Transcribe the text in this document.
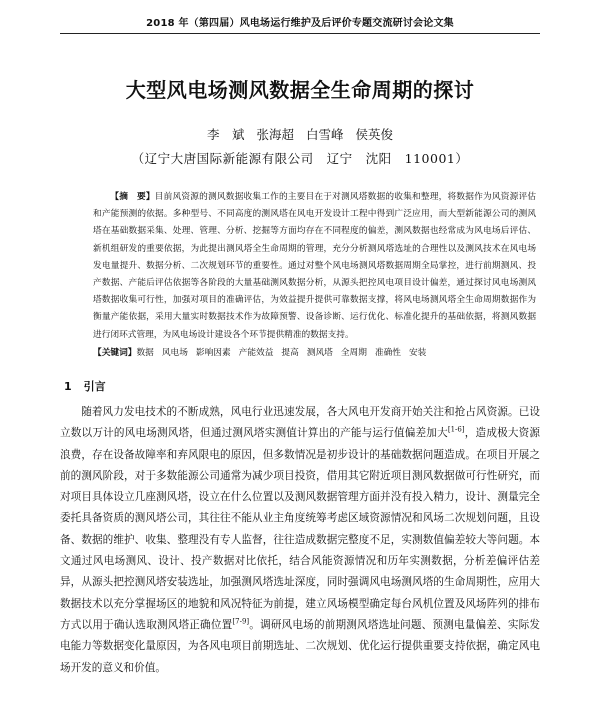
2018 年（第四届）风电场运行维护及后评价专题交流研讨会论文集
大型风电场测风数据全生命周期的探讨
李　斌 张海超 白雪峰 侯英俊
（辽宁大唐国际新能源有限公司　辽宁　沈阳　110001）

【摘　要】目前风资源的测风数据收集工作的主要目在于对测风塔数据的收集和整理，将数据作为风资源评估和产能预测的依据。多种型号、不同高度的测风塔在风电开发设计工程中得到广泛应用，而大型新能源公司的测风塔在基础数据采集、处理、管理、分析、挖掘等方面均存在不同程度的偏差，测风数据也经常成为风电场后评估、新机组研发的重要依据，为此提出测风塔全生命周期的管理，充分分析测风塔选址的合理性以及测风技术在风电场发电量提升、数据分析、二次规划环节的重要性。通过对整个风电场测风塔数据周期全局掌控，进行前期测风、投产数据、产能后评估依据等各阶段的大量基础测风数据分析，从源头把控风电项目设计偏差，通过探讨风电场测风塔数据收集可行性，加强对项目的准确评估，为效益提升提供可靠数据支撑，将风电场测风塔全生命周期数据作为衡量产能依据，采用大量实时数据技术作为故障预警、设备诊断、运行优化、标准化提升的基础依据，将测风数据进行闭环式管理，为风电场设计建设各个环节提供精准的数据支持。

【关键词】数据 风电场 影响因素 产能效益 提高 测风塔 全周期 准确性 安装

1 引言

随着风力发电技术的不断成熟，风电行业迅速发展，各大风电开发商开始关注和抢占风资源。已设立数以万计的风电场测风塔，但通过测风塔实测值计算出的产能与运行值偏差加大[1-6]，造成极大资源浪费，存在设备故障率和弃风限电的原因，但多数情况是初步设计的基础数据问题造成。在项目开展之前的测风阶段，对于多数能源公司通常为减少项目投资，借用其它附近项目测风数据做可行性研究，而对项目具体设立几座测风塔，设立在什么位置以及测风数据管理方面并没有投入精力，设计、测量完全委托具备资质的测风塔公司，其往往不能从业主角度统筹考虑区域资源情况和风场二次规划问题，且设备、数据的维护、收集、整理没有专人监督，往往造成数据完整度不足，实测数值偏差较大等问题。本文通过风电场测风、设计、投产数据对比依托，结合风能资源情况和历年实测数据，分析差偏评估差异，从源头把控测风塔安装选址，加强测风塔选址深度，同时强调风电场测风塔的生命周期性，应用大数据技术以充分掌握场区的地貌和风况特征为前提，建立风场模型确定每台风机位置及风场阵列的排布方式以用于确认选取测风塔正确位置[7-9]。调研风电场的前期测风塔选址问题、预测电量偏差、实际发电能力等数据变化量原因，为各风电项目前期选址、二次规划、优化运行提供重要支持依据，确定风电场开发的意义和价值。
